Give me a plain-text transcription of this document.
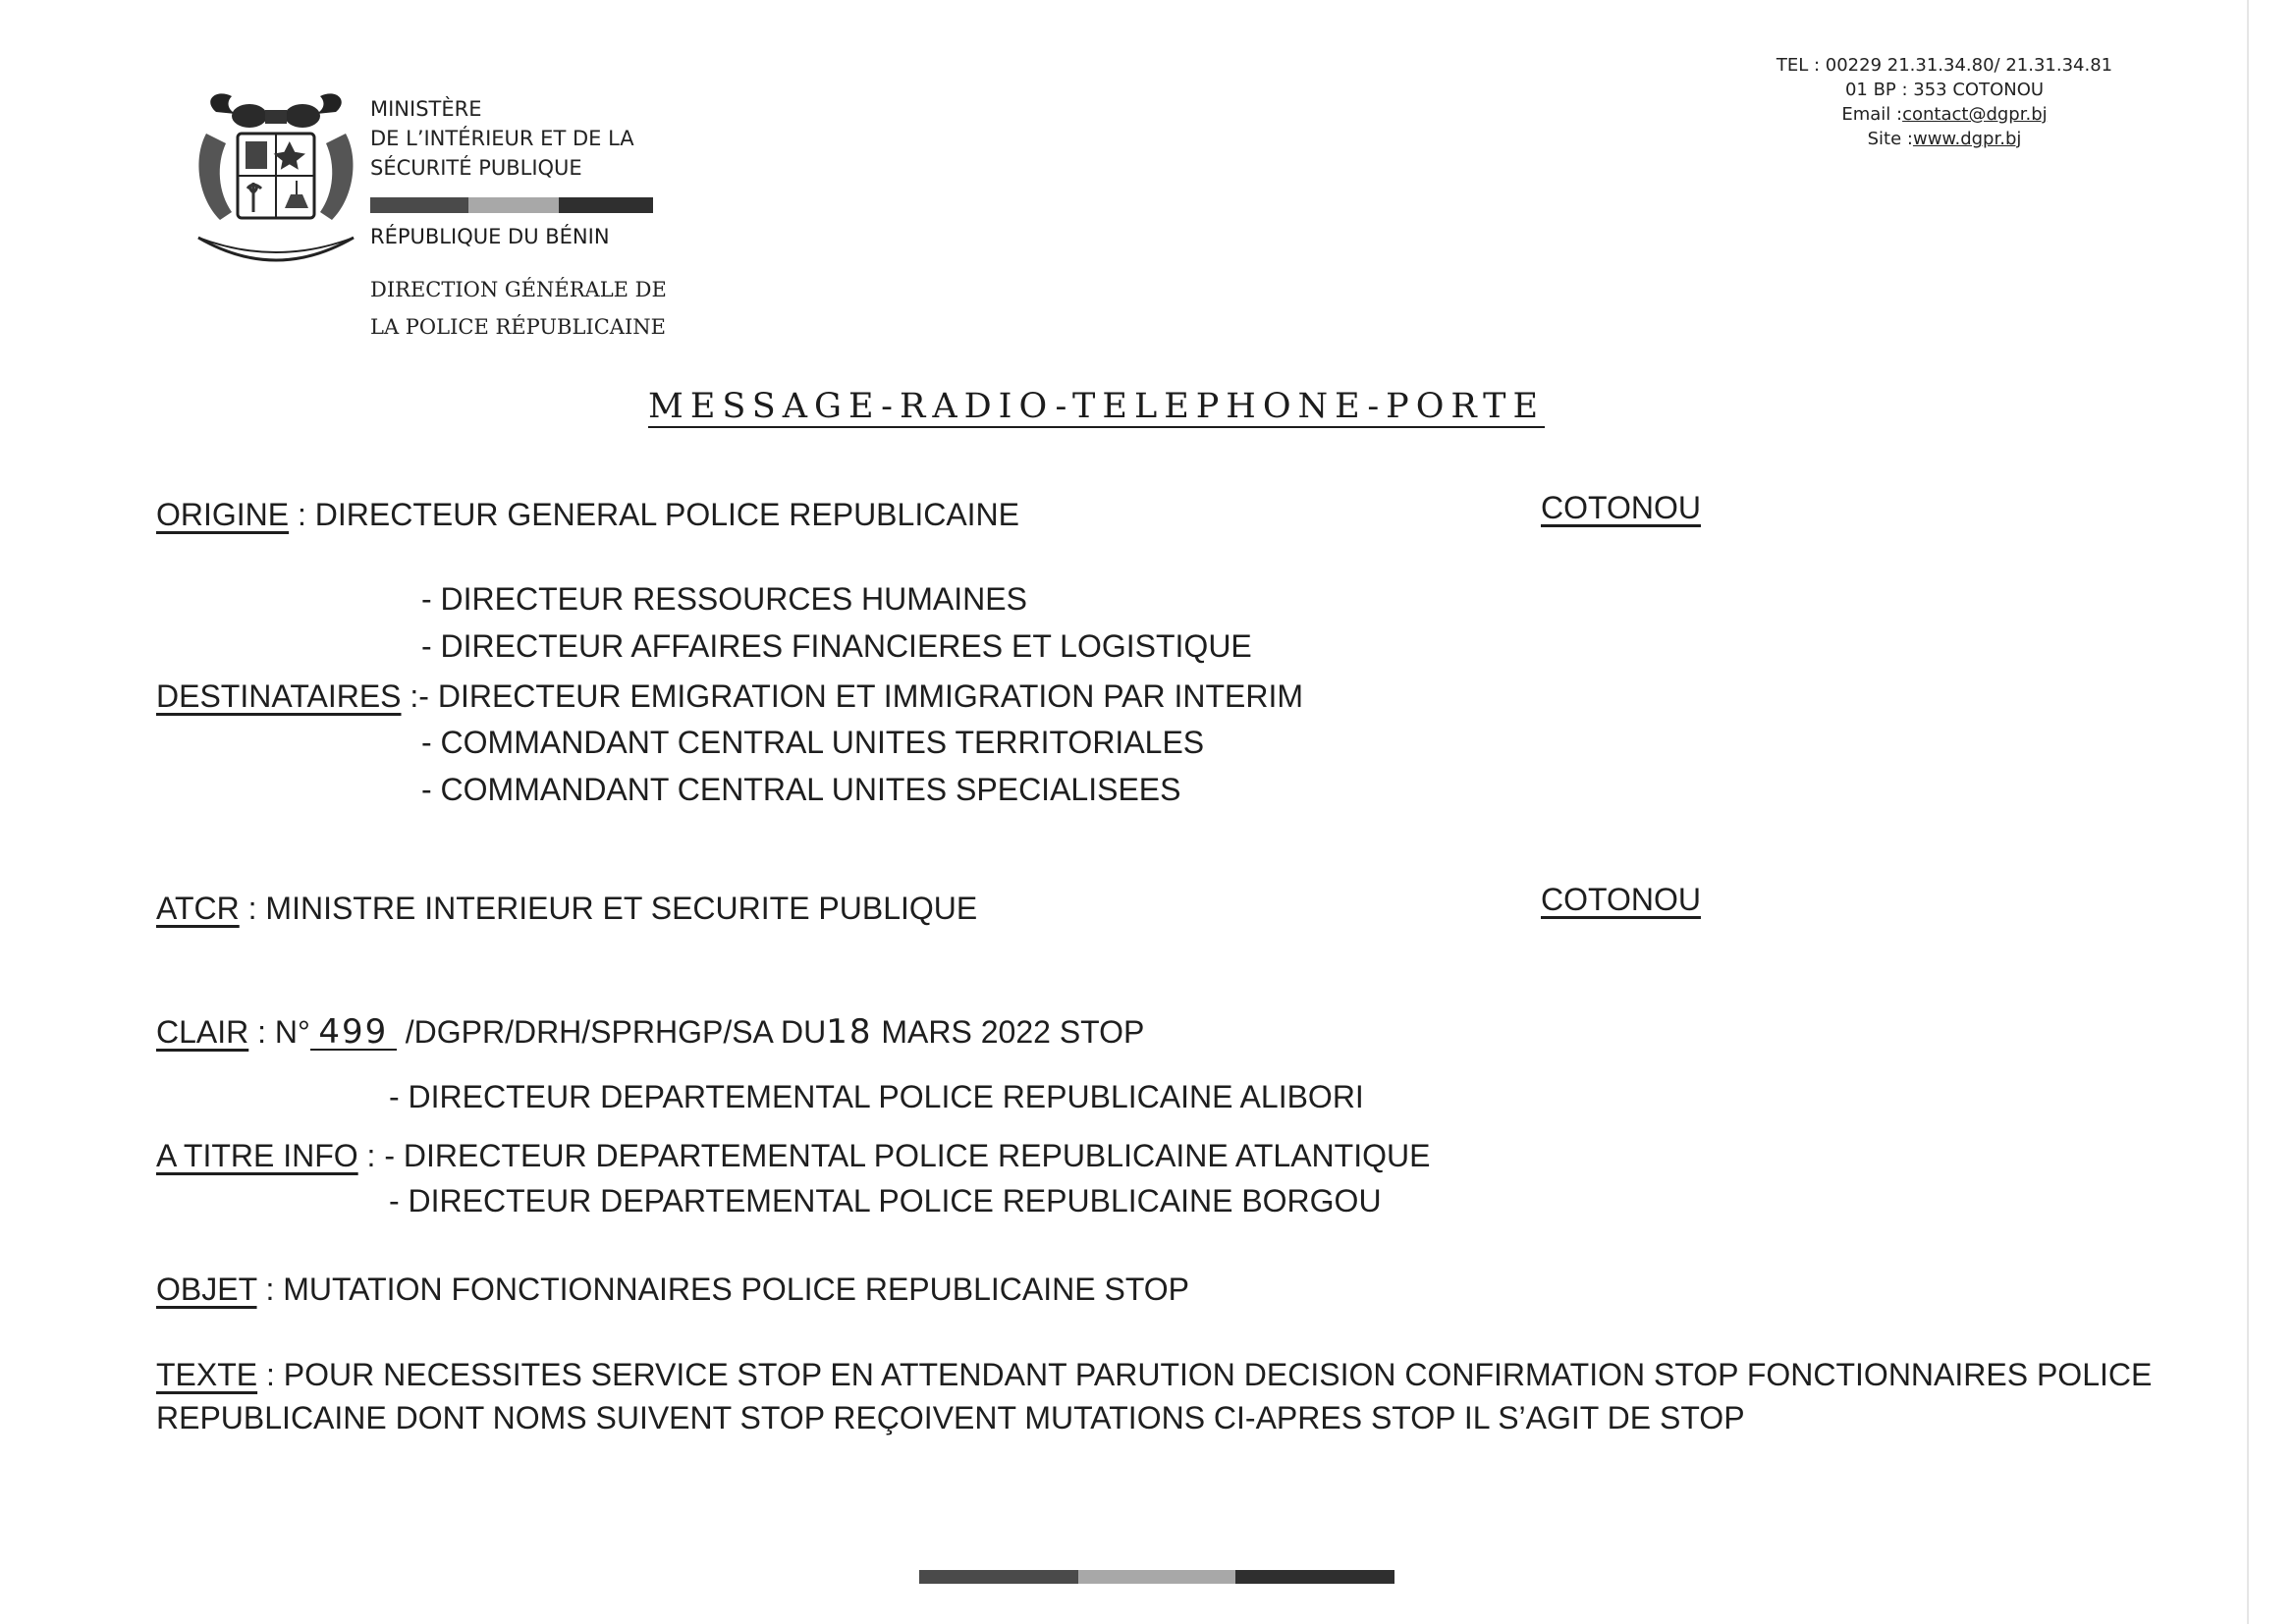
MINISTÈRE
DE L’INTÉRIEUR ET DE LA
SÉCURITÉ PUBLIQUE
RÉPUBLIQUE DU BÉNIN
DIRECTION GÉNÉRALE DE
LA POLICE RÉPUBLICAINE
TEL : 00229 21.31.34.80/ 21.31.34.81
01 BP : 353 COTONOU
Email :contact@dgpr.bj
Site :www.dgpr.bj
MESSAGE-RADIO-TELEPHONE-PORTE
ORIGINE : DIRECTEUR GENERAL POLICE REPUBLICAINE	COTONOU
- DIRECTEUR RESSOURCES HUMAINES
- DIRECTEUR AFFAIRES FINANCIERES ET LOGISTIQUE
DESTINATAIRES :- DIRECTEUR EMIGRATION ET IMMIGRATION PAR INTERIM
- COMMANDANT CENTRAL UNITES TERRITORIALES
- COMMANDANT CENTRAL UNITES SPECIALISEES
ATCR : MINISTRE INTERIEUR ET SECURITE PUBLIQUE	COTONOU
CLAIR : N° 499 /DGPR/DRH/SPRHGP/SA DU18 MARS 2022 STOP
- DIRECTEUR DEPARTEMENTAL POLICE REPUBLICAINE ALIBORI
A TITRE INFO : - DIRECTEUR DEPARTEMENTAL POLICE REPUBLICAINE ATLANTIQUE
- DIRECTEUR DEPARTEMENTAL POLICE REPUBLICAINE BORGOU
OBJET : MUTATION FONCTIONNAIRES POLICE REPUBLICAINE STOP
TEXTE : POUR NECESSITES SERVICE STOP EN ATTENDANT PARUTION DECISION CONFIRMATION STOP FONCTIONNAIRES POLICE
REPUBLICAINE DONT NOMS SUIVENT STOP REÇOIVENT MUTATIONS CI-APRES STOP IL S’AGIT DE STOP
